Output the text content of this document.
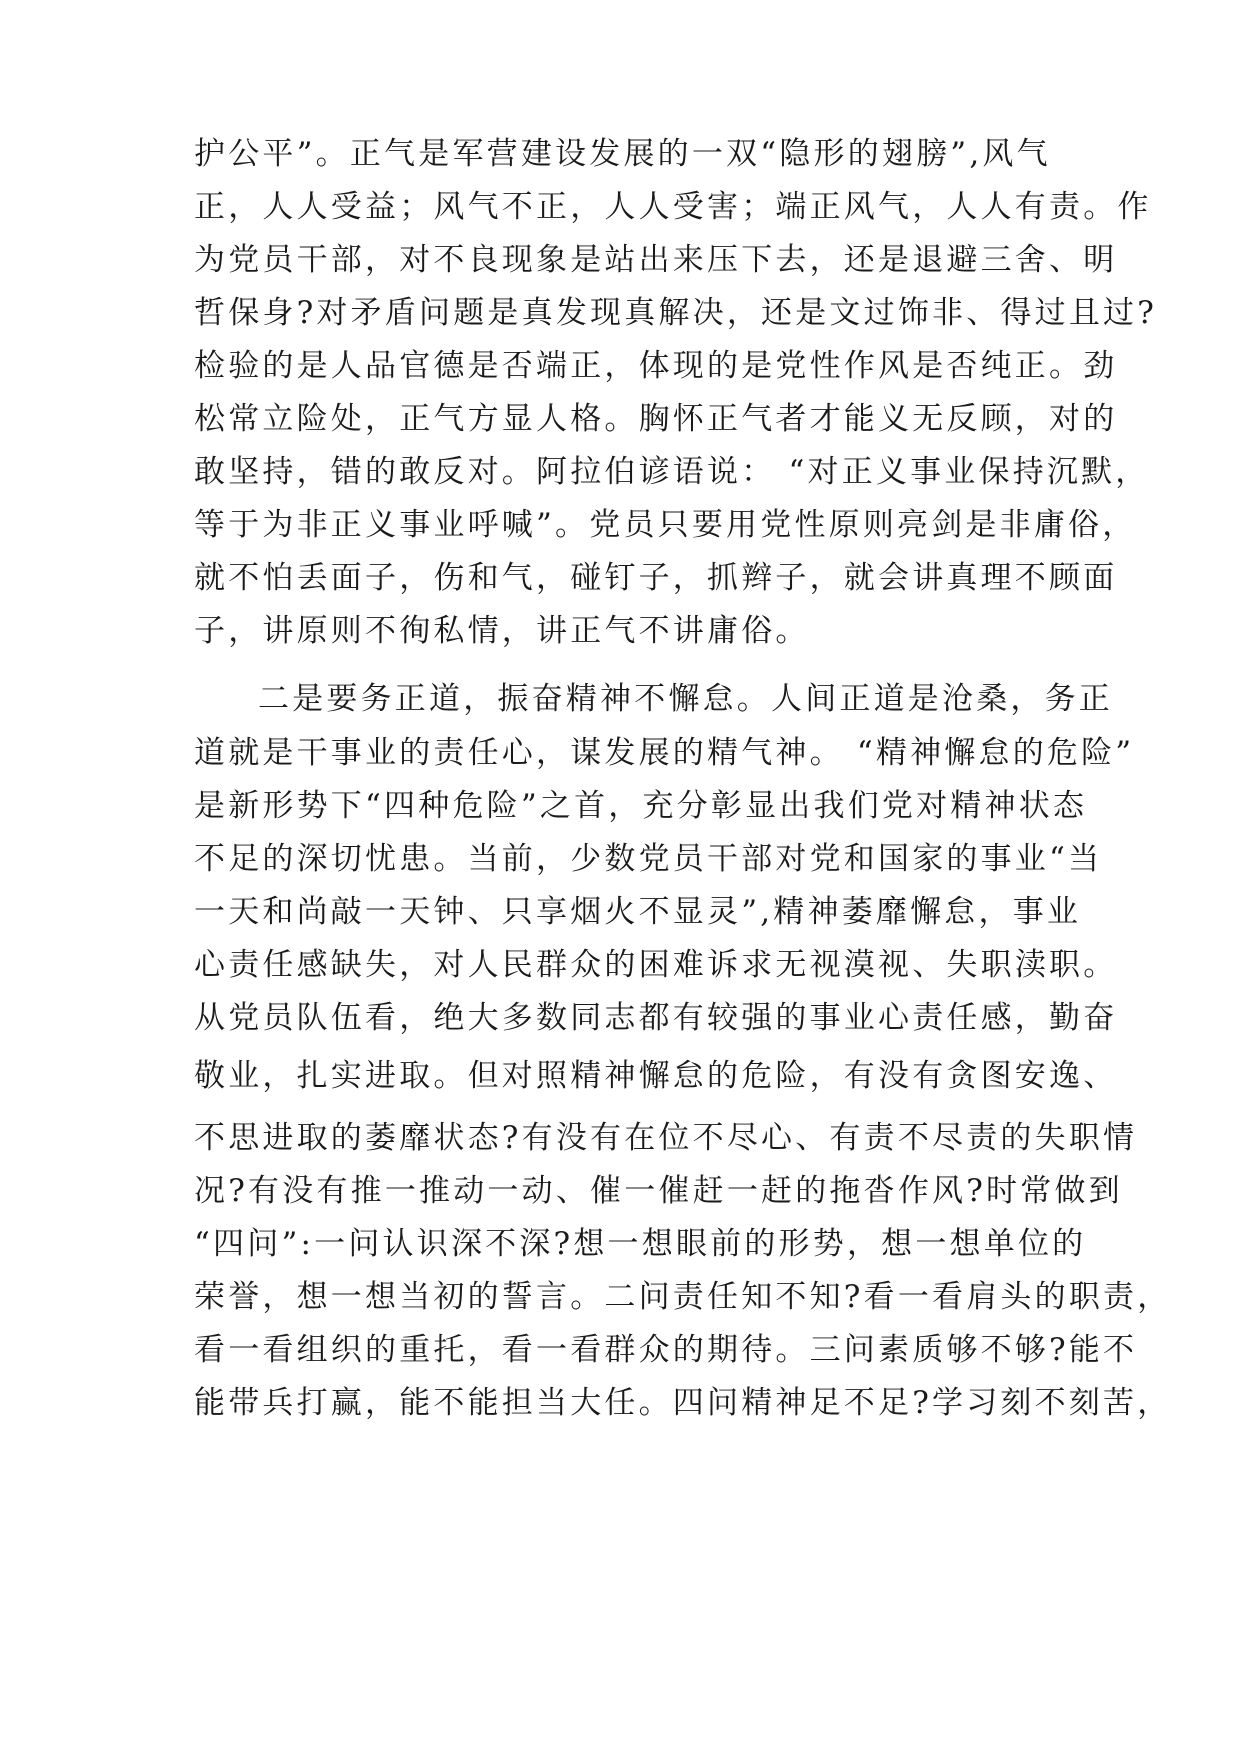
护公平”。正气是军营建设发展的一双“隐形的翅膀”,风气
正，人人受益；风气不正，人人受害；端正风气，人人有责。作
为党员干部，对不良现象是站出来压下去，还是退避三舍、明
哲保身?对矛盾问题是真发现真解决，还是文过饰非、得过且过?
检验的是人品官德是否端正，体现的是党性作风是否纯正。劲
松常立险处，正气方显人格。胸怀正气者才能义无反顾，对的
敢坚持，错的敢反对。阿拉伯谚语说： “对正义事业保持沉默，
等于为非正义事业呼喊”。党员只要用党性原则亮剑是非庸俗，
就不怕丢面子，伤和气，碰钉子，抓辫子，就会讲真理不顾面
子，讲原则不徇私情，讲正气不讲庸俗。
二是要务正道，振奋精神不懈怠。人间正道是沧桑，务正
道就是干事业的责任心，谋发展的精气神。 “精神懈怠的危险”
是新形势下“四种危险”之首，充分彰显出我们党对精神状态
不足的深切忧患。当前，少数党员干部对党和国家的事业“当
一天和尚敲一天钟、只享烟火不显灵”,精神萎靡懈怠，事业
心责任感缺失，对人民群众的困难诉求无视漠视、失职渎职。
从党员队伍看，绝大多数同志都有较强的事业心责任感，勤奋
敬业，扎实进取。但对照精神懈怠的危险，有没有贪图安逸、
不思进取的萎靡状态?有没有在位不尽心、有责不尽责的失职情
况?有没有推一推动一动、催一催赶一赶的拖沓作风?时常做到
“四问”:一问认识深不深?想一想眼前的形势，想一想单位的
荣誉，想一想当初的誓言。二问责任知不知?看一看肩头的职责，
看一看组织的重托，看一看群众的期待。三问素质够不够?能不
能带兵打赢，能不能担当大任。四问精神足不足?学习刻不刻苦，
